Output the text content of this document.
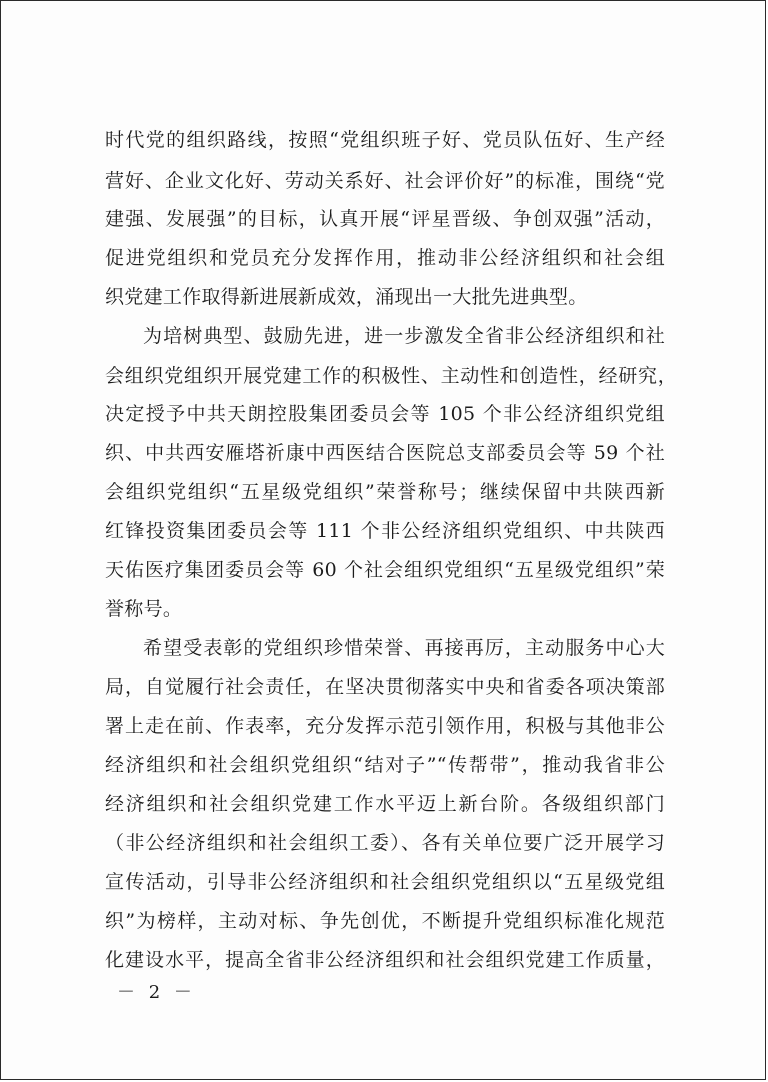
时代党的组织路线，按照“党组织班子好、党员队伍好、生产经
营好、企业文化好、劳动关系好、社会评价好”的标准，围绕“党
建强、发展强”的目标，认真开展“评星晋级、争创双强”活动，
促进党组织和党员充分发挥作用，推动非公经济组织和社会组
织党建工作取得新进展新成效，涌现出一大批先进典型。
为培树典型、鼓励先进，进一步激发全省非公经济组织和社
会组织党组织开展党建工作的积极性、主动性和创造性，经研究，
决定授予中共天朗控股集团委员会等 105 个非公经济组织党组
织、中共西安雁塔祈康中西医结合医院总支部委员会等 59 个社
会组织党组织“五星级党组织”荣誉称号；继续保留中共陕西新
红锋投资集团委员会等 111 个非公经济组织党组织、中共陕西
天佑医疗集团委员会等 60 个社会组织党组织“五星级党组织”荣
誉称号。
希望受表彰的党组织珍惜荣誉、再接再厉，主动服务中心大
局，自觉履行社会责任，在坚决贯彻落实中央和省委各项决策部
署上走在前、作表率，充分发挥示范引领作用，积极与其他非公
经济组织和社会组织党组织“结对子”“传帮带”，推动我省非公
经济组织和社会组织党建工作水平迈上新台阶。各级组织部门
（非公经济组织和社会组织工委）、各有关单位要广泛开展学习
宣传活动，引导非公经济组织和社会组织党组织以“五星级党组
织”为榜样，主动对标、争先创优，不断提升党组织标准化规范
化建设水平，提高全省非公经济组织和社会组织党建工作质量，
－ 2 －
